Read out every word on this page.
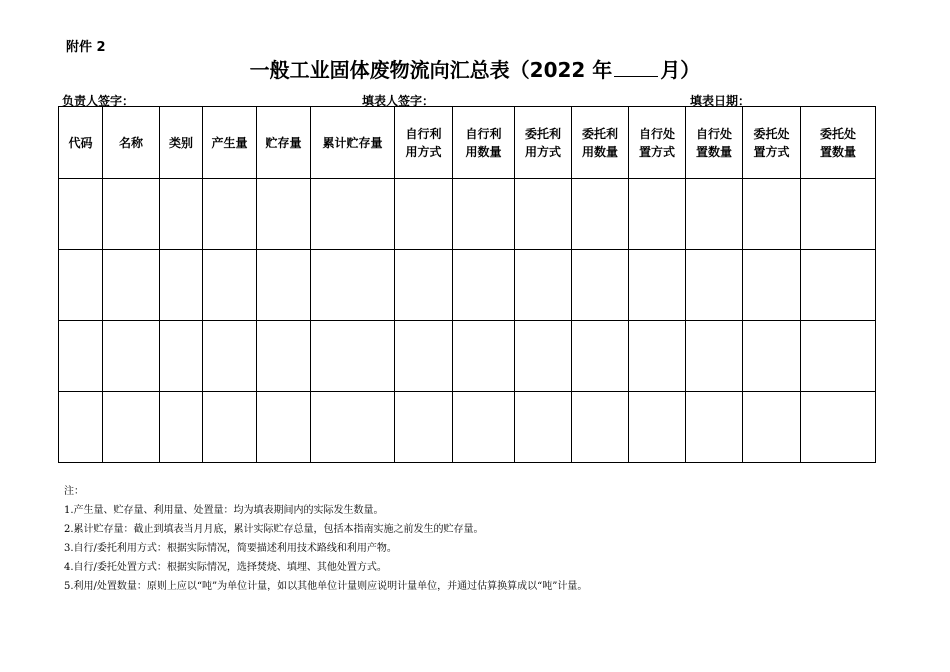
附件 2
一般工业固体废物流向汇总表（2022 年 月）
负责人签字：	填表人签字：	填表日期：
代码	名称	类别	产生量	贮存量	累计贮存量	自行利用方式	自行利用数量	委托利用方式	委托利用数量	自行处置方式	自行处置数量	委托处置方式	委托处置数量

注：
1.产生量、贮存量、利用量、处置量：均为填表期间内的实际发生数量。
2.累计贮存量：截止到填表当月月底，累计实际贮存总量，包括本指南实施之前发生的贮存量。
3.自行/委托利用方式：根据实际情况，简要描述利用技术路线和利用产物。
4.自行/委托处置方式：根据实际情况，选择焚烧、填埋、其他处置方式。
5.利用/处置数量：原则上应以“吨”为单位计量，如以其他单位计量则应说明计量单位，并通过估算换算成以“吨”计量。
